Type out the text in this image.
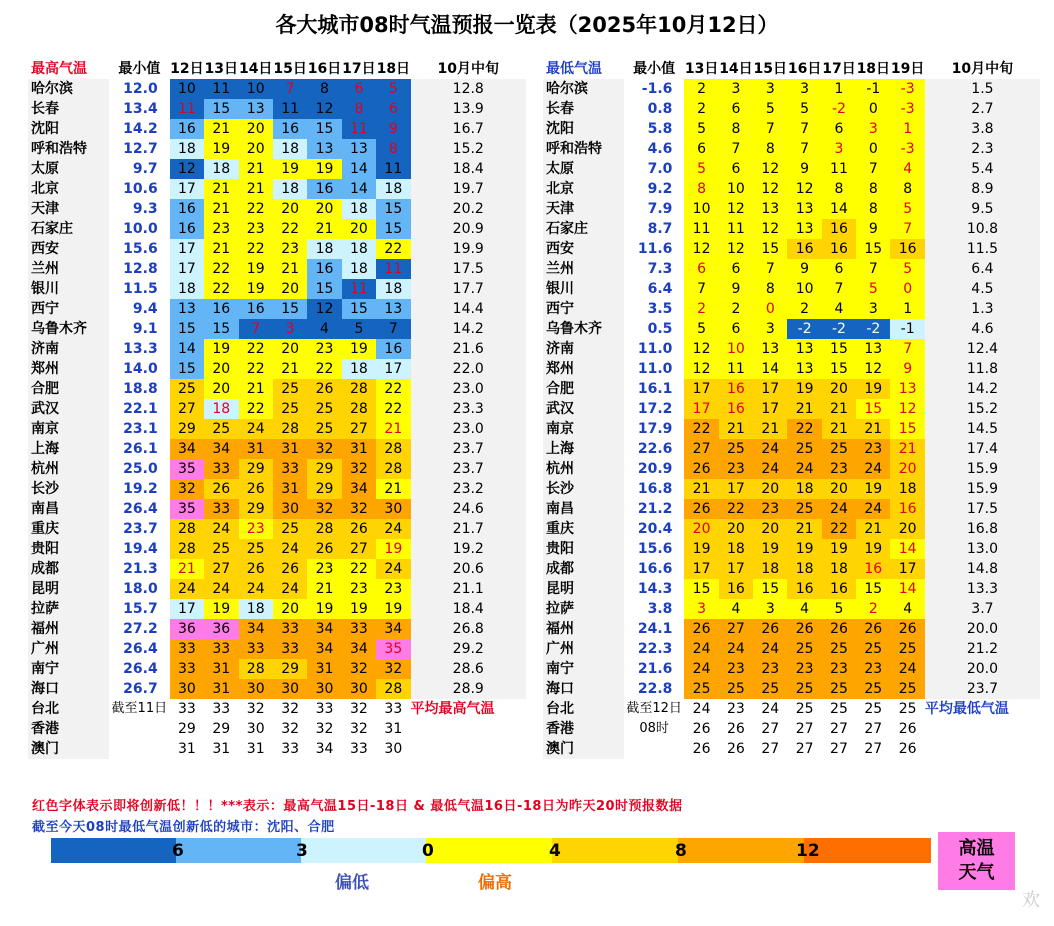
各大城市08时气温预报一览表（2025年10月12日）
最高气温	最小值	12日	13日	14日	15日	16日	17日	18日	10月中旬
哈尔滨	12.0	10	11	10	7	8	6	5	12.8
长春	13.4	11	15	13	11	12	8	6	13.9
沈阳	14.2	16	21	20	16	15	11	9	16.7
呼和浩特	12.7	18	19	20	18	13	13	8	15.2
太原	9.7	12	18	21	19	19	14	11	18.4
北京	10.6	17	21	21	18	16	14	18	19.7
天津	9.3	16	21	22	20	20	18	15	20.2
石家庄	10.0	16	23	23	22	21	20	15	20.9
西安	15.6	17	21	22	23	18	18	22	19.9
兰州	12.8	17	22	19	21	16	18	11	17.5
银川	11.5	18	22	19	20	15	11	18	17.7
西宁	9.4	13	16	16	15	12	15	13	14.4
乌鲁木齐	9.1	15	15	7	3	4	5	7	14.2
济南	13.3	14	19	22	20	23	19	16	21.6
郑州	14.0	15	20	22	21	22	18	17	22.0
合肥	18.8	25	20	21	25	26	28	22	23.0
武汉	22.1	27	18	22	25	25	28	22	23.3
南京	23.1	29	25	24	28	25	27	21	23.0
上海	26.1	34	34	31	31	32	31	28	23.7
杭州	25.0	35	33	29	33	29	32	28	23.7
长沙	19.2	32	26	26	31	29	34	21	23.2
南昌	26.4	35	33	29	30	32	32	30	24.6
重庆	23.7	28	24	23	25	28	26	24	21.7
贵阳	19.4	28	25	25	24	26	27	19	19.2
成都	21.3	21	27	26	26	23	22	24	20.6
昆明	18.0	24	24	24	24	21	23	23	21.1
拉萨	15.7	17	19	18	20	19	19	19	18.4
福州	27.2	36	36	34	33	34	33	34	26.8
广州	26.4	33	33	33	33	34	34	35	29.2
南宁	26.4	33	31	28	29	31	32	32	28.6
海口	26.7	30	31	30	30	30	30	28	28.9
台北	截至11日	33	33	32	32	33	32	33	平均最高气温
香港		29	29	30	32	32	32	31	
澳门		31	31	31	33	34	33	30	
最低气温	最小值	13日	14日	15日	16日	17日	18日	19日	10月中旬
哈尔滨	-1.6	2	3	3	3	1	-1	-3	1.5
长春	0.8	2	6	5	5	-2	0	-3	2.7
沈阳	5.8	5	8	7	7	6	3	1	3.8
呼和浩特	4.6	6	7	8	7	3	0	-3	2.3
太原	7.0	5	6	12	9	11	7	4	5.4
北京	9.2	8	10	12	12	8	8	8	8.9
天津	7.9	10	12	13	13	14	8	5	9.5
石家庄	8.7	11	11	12	13	16	9	7	10.8
西安	11.6	12	12	15	16	16	15	16	11.5
兰州	7.3	6	6	7	9	6	7	5	6.4
银川	6.4	7	9	8	10	7	5	0	4.5
西宁	3.5	2	2	0	2	4	3	1	1.3
乌鲁木齐	0.5	5	6	3	-2	-2	-2	-1	4.6
济南	11.0	12	10	13	13	15	13	7	12.4
郑州	11.0	12	11	14	13	15	12	9	11.8
合肥	16.1	17	16	17	19	20	19	13	14.2
武汉	17.2	17	16	17	21	21	15	12	15.2
南京	17.9	22	21	21	22	21	21	15	14.5
上海	22.6	27	25	24	25	25	23	21	17.4
杭州	20.9	26	23	24	24	23	24	20	15.9
长沙	16.8	21	17	20	18	20	19	18	15.9
南昌	21.2	26	22	23	25	24	24	16	17.5
重庆	20.4	20	20	20	21	22	21	20	16.8
贵阳	15.6	19	18	19	19	19	19	14	13.0
成都	16.6	17	17	18	18	18	16	17	14.8
昆明	14.3	15	16	15	16	16	15	14	13.3
拉萨	3.8	3	4	3	4	5	2	4	3.7
福州	24.1	26	27	26	26	26	26	26	20.0
广州	22.3	24	24	24	25	25	25	25	21.2
南宁	21.6	24	23	23	23	23	23	24	20.0
海口	22.8	25	25	25	25	25	25	25	23.7
台北	截至12日	24	23	24	25	25	25	25	平均最低气温
香港	08时	26	26	27	27	27	27	26	
澳门		26	26	27	27	27	27	26	
红色字体表示即将创新低！！！***表示：最高气温15日-18日 & 最低气温16日-18日为昨天20时预报数据
截至今天08时最低气温创新低的城市：沈阳、合肥
6	3	0	4	8	12
偏低	偏高
高温天气
欢
